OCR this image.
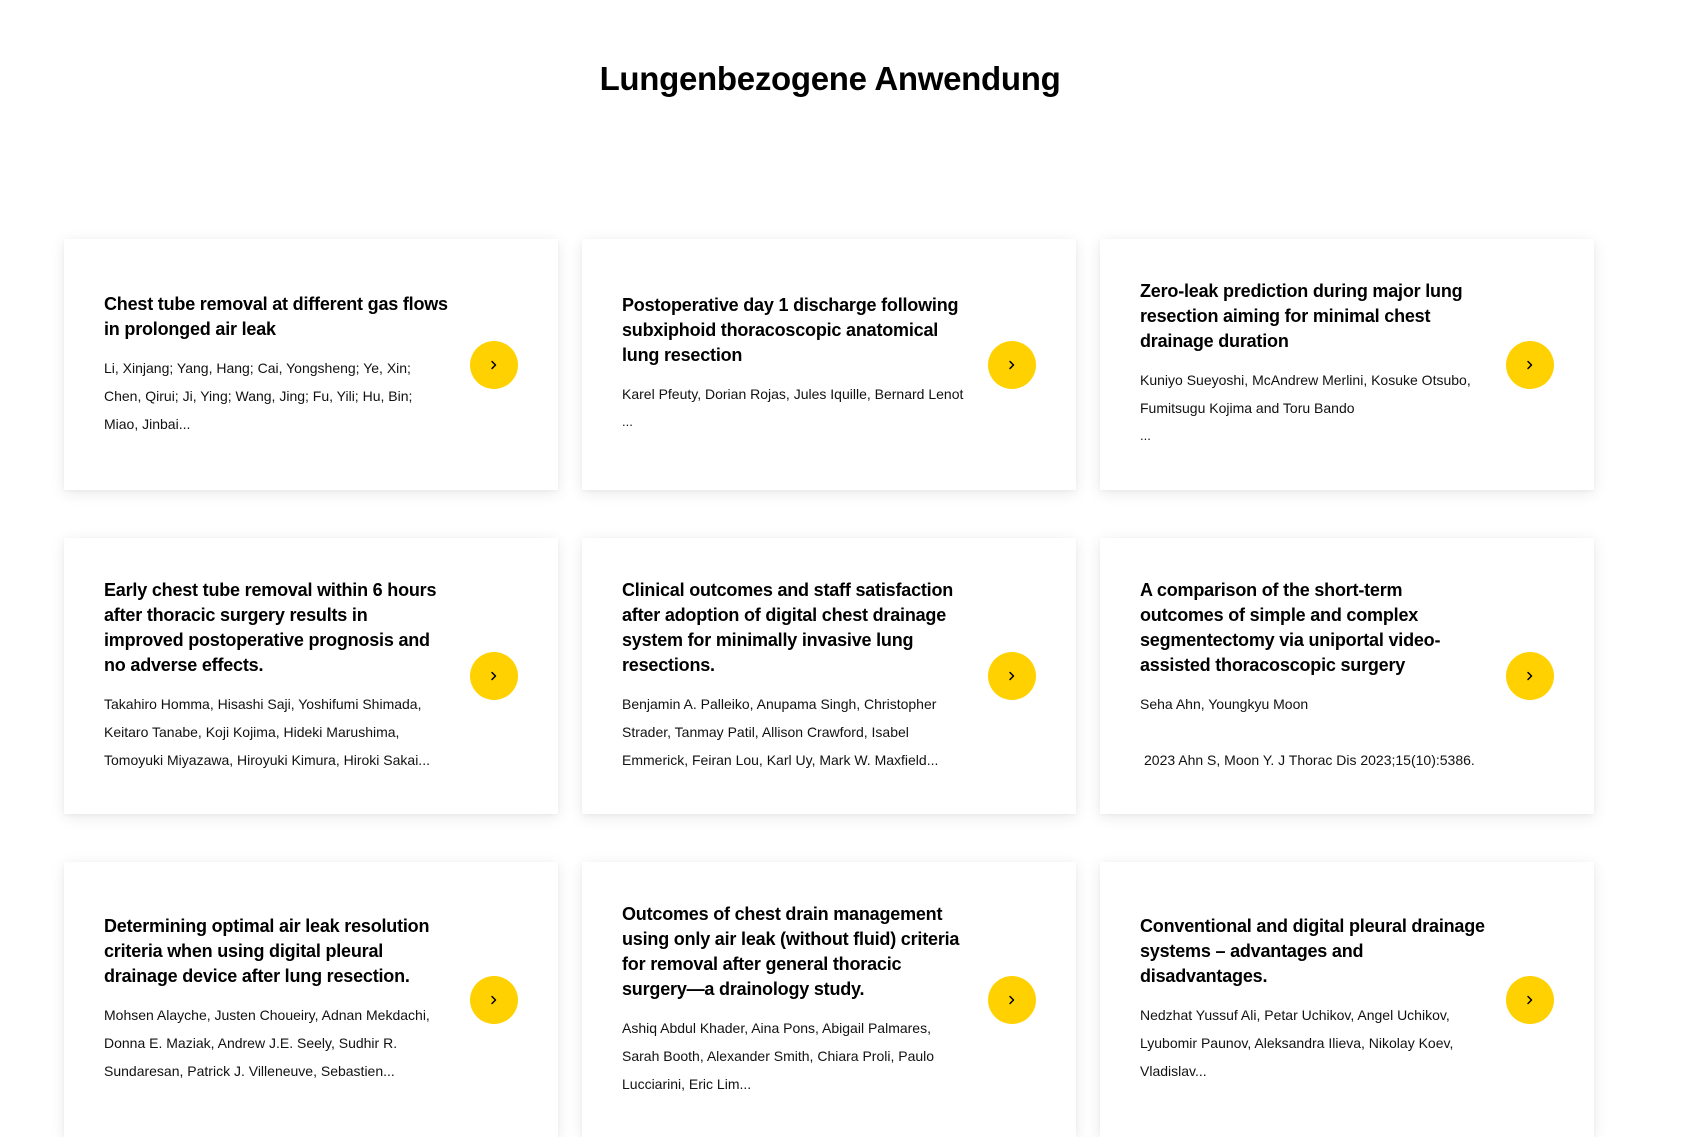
Lungenbezogene Anwendung
Chest tube removal at different gas flows in prolonged air leak

Li, Xinjang; Yang, Hang; Cai, Yongsheng; Ye, Xin; Chen, Qirui; Ji, Ying; Wang, Jing; Fu, Yili; Hu, Bin; Miao, Jinbai...

Postoperative day 1 discharge following subxiphoid thoracoscopic anatomical lung resection

Karel Pfeuty, Dorian Rojas, Jules Iquille, Bernard Lenot

...

Zero-leak prediction during major lung resection aiming for minimal chest drainage duration

Kuniyo Sueyoshi, McAndrew Merlini, Kosuke Otsubo, Fumitsugu Kojima and Toru Bando

...

Early chest tube removal within 6 hours after thoracic surgery results in improved postoperative prognosis and no adverse effects.

Takahiro Homma, Hisashi Saji, Yoshifumi Shimada, Keitaro Tanabe, Koji Kojima, Hideki Marushima, Tomoyuki Miyazawa, Hiroyuki Kimura, Hiroki Sakai...

Clinical outcomes and staff satisfaction after adoption of digital chest drainage system for minimally invasive lung resections.

Benjamin A. Palleiko, Anupama Singh, Christopher Strader, Tanmay Patil, Allison Crawford, Isabel Emmerick, Feiran Lou, Karl Uy, Mark W. Maxfield...

A comparison of the short-term outcomes of simple and complex segmentectomy via uniportal video-assisted thoracoscopic surgery

Seha Ahn, Youngkyu Moon

2023 Ahn S, Moon Y. J Thorac Dis 2023;15(10):5386.

Determining optimal air leak resolution criteria when using digital pleural drainage device after lung resection.

Mohsen Alayche, Justen Choueiry, Adnan Mekdachi, Donna E. Maziak, Andrew J.E. Seely, Sudhir R. Sundaresan, Patrick J. Villeneuve, Sebastien...

Outcomes of chest drain management using only air leak (without fluid) criteria for removal after general thoracic surgery—a drainology study.

Ashiq Abdul Khader, Aina Pons, Abigail Palmares, Sarah Booth, Alexander Smith, Chiara Proli, Paulo Lucciarini, Eric Lim...

Conventional and digital pleural drainage systems – advantages and disadvantages.

Nedzhat Yussuf Ali, Petar Uchikov, Angel Uchikov, Lyubomir Paunov, Aleksandra Ilieva, Nikolay Koev, Vladislav...
